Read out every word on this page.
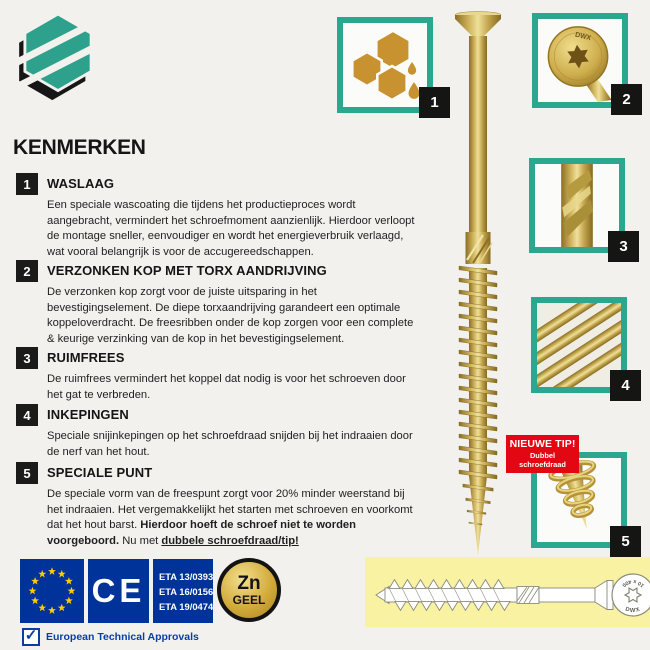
KENMERKEN
1	WASLAAG

Een speciale wascoating die tijdens het productieproces wordt aangebracht, vermindert het schroefmoment aanzienlijk. Hierdoor verloopt de montage sneller, eenvoudiger en wordt het energieverbruik verlaagd, wat vooral belangrijk is voor de accugereedschappen.

2	VERZONKEN KOP MET TORX AANDRIJVING

De verzonken kop zorgt voor de juiste uitsparing in het bevestigingselement. De diepe torxaandrijving garandeert een optimale koppeloverdracht. De freesribben onder de kop zorgen voor een complete & keurige verzinking van de kop in het bevestigingselement.

3	RUIMFREES

De ruimfrees vermindert het koppel dat nodig is voor het schroeven door het gat te verbreden.

4	INKEPINGEN

Speciale snijinkepingen op het schroefdraad snijden bij het indraaien door de nerf van het hout.

5	SPECIALE PUNT

De speciale vorm van de freespunt zorgt voor 20% minder weerstand bij het indraaien. Het vergemakkelijkt het starten met schroeven en voorkomt dat het hout barst. Hierdoor hoeft de schroef niet te worden voorgeboord. Nu met dubbele schroefdraad/tip!

1
DWX
2
3
4
5
NIEUWE TIP!
Dubbel schroefdraad
CE	ETA 13/0393
ETA 16/0156
ETA 19/0474
Zn
GEEL
✓ European Technical Approvals
10 x 400
DWX
